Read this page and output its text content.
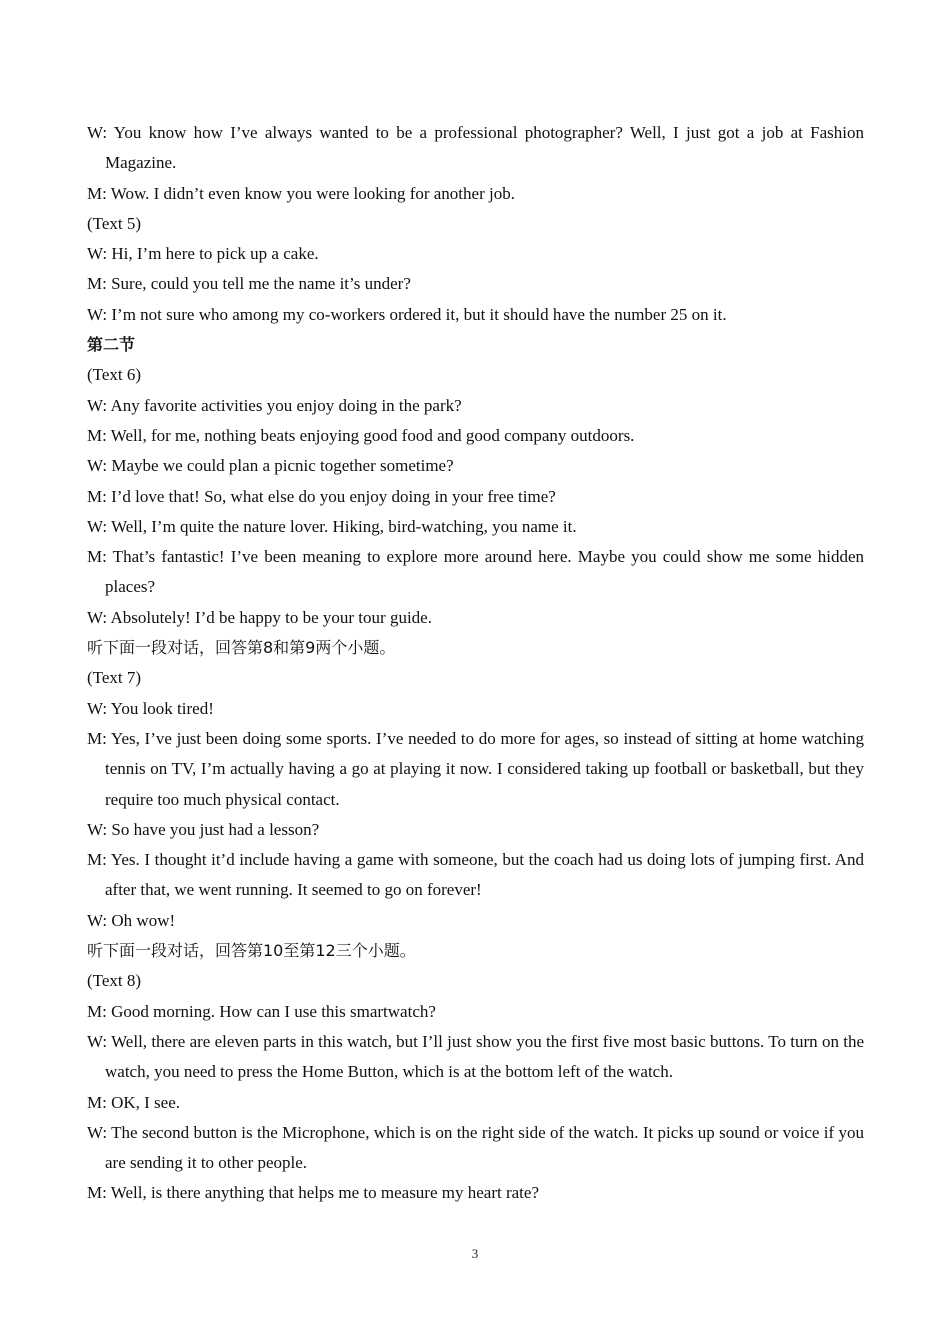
W: You know how I’ve always wanted to be a professional photographer? Well, I just got a job at Fashion Magazine.

M: Wow. I didn’t even know you were looking for another job.

(Text 5)

W: Hi, I’m here to pick up a cake.

M: Sure, could you tell me the name it’s under?

W: I’m not sure who among my co-workers ordered it, but it should have the number 25 on it.

第二节

(Text 6)

W: Any favorite activities you enjoy doing in the park?

M: Well, for me, nothing beats enjoying good food and good company outdoors.

W: Maybe we could plan a picnic together sometime?

M: I’d love that! So, what else do you enjoy doing in your free time?

W: Well, I’m quite the nature lover. Hiking, bird-watching, you name it.

M: That’s fantastic! I’ve been meaning to explore more around here. Maybe you could show me some hidden places?

W: Absolutely! I’d be happy to be your tour guide.

听下面一段对话，回答第8和第9两个小题。

(Text 7)

W: You look tired!

M: Yes, I’ve just been doing some sports. I’ve needed to do more for ages, so instead of sitting at home watching tennis on TV, I’m actually having a go at playing it now. I considered taking up football or basketball, but they require too much physical contact.

W: So have you just had a lesson?

M: Yes. I thought it’d include having a game with someone, but the coach had us doing lots of jumping first. And after that, we went running. It seemed to go on forever!

W: Oh wow!

听下面一段对话，回答第10至第12三个小题。

(Text 8)

M: Good morning. How can I use this smartwatch?

W: Well, there are eleven parts in this watch, but I’ll just show you the first five most basic buttons. To turn on the watch, you need to press the Home Button, which is at the bottom left of the watch.

M: OK, I see.

W: The second button is the Microphone, which is on the right side of the watch. It picks up sound or voice if you are sending it to other people.

M: Well, is there anything that helps me to measure my heart rate?

3
